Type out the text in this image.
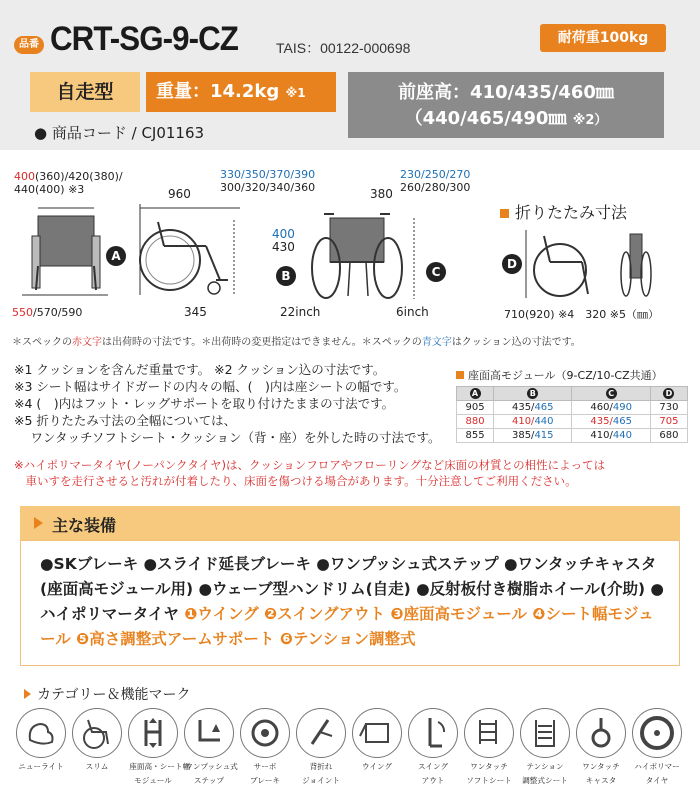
品番 CRT-SG-9-CZ	TAIS：00122-000698
耐荷重100kg
自走型	重量：14.2kg ※1	前座高：410/435/460㎜
（440/465/490㎜ ※2）
● 商品コード / CJ01163
400(360)/420(380)/
440(400) ※3
550/570/590
960
330/350/370/390
300/320/340/360
A
345
380
230/250/270
260/280/300
400
430
B	C
22inch	6inch
折りたたみ寸法
D
710(920) ※4　 320 ※5（㎜）
＊スペックの赤文字は出荷時の寸法です。＊出荷時の変更指定はできません。＊スペックの青文字はクッション込の寸法です。
※1 クッションを含んだ重量です。 ※2 クッション込の寸法です。
※3 シート幅はサイドガードの内々の幅、(　)内は座シートの幅です。
※4 (　)内はフット・レッグサポートを取り付けたままの寸法です。
※5 折りたたみ寸法の全幅については、
　 ワンタッチソフトシート・クッション（背・座）を外した時の寸法です。
※ハイポリマータイヤ(ノーパンクタイヤ)は、クッションフロアやフローリングなど床面の材質との相性によっては
　車いすを走行させると汚れが付着したり、床面を傷つける場合があります。十分注意してご利用ください。
座面高モジュール（9-CZ/10-CZ共通）
A	B	C	D
905	435/465	460/490	730
880	410/440	435/465	705
855	385/415	410/440	680
主な装備
●SKブレーキ ●スライド延長ブレーキ ●ワンプッシュ式ステップ ●ワンタッチキャスタ(座面高モジュール用) ●ウェーブ型ハンドリム(自走) ●反射板付き樹脂ホイール(介助) ●ハイポリマータイヤ ❶ウイング ❷スイングアウト ❸座面高モジュール ❹シート幅モジュール ❺高さ調整式アームサポート ❻テンション調整式
カテゴリー＆機能マーク
ニューライト	スリム	座面高・シート幅
モジュール
ワンプッシュ式
ステップ
サーボ
ブレーキ
背折れ
ジョイント
ウイング	スイング
アウト
ワンタッチ
ソフトシート
テンション
調整式シート
ワンタッチ
キャスタ
ハイポリマー
タイヤ
